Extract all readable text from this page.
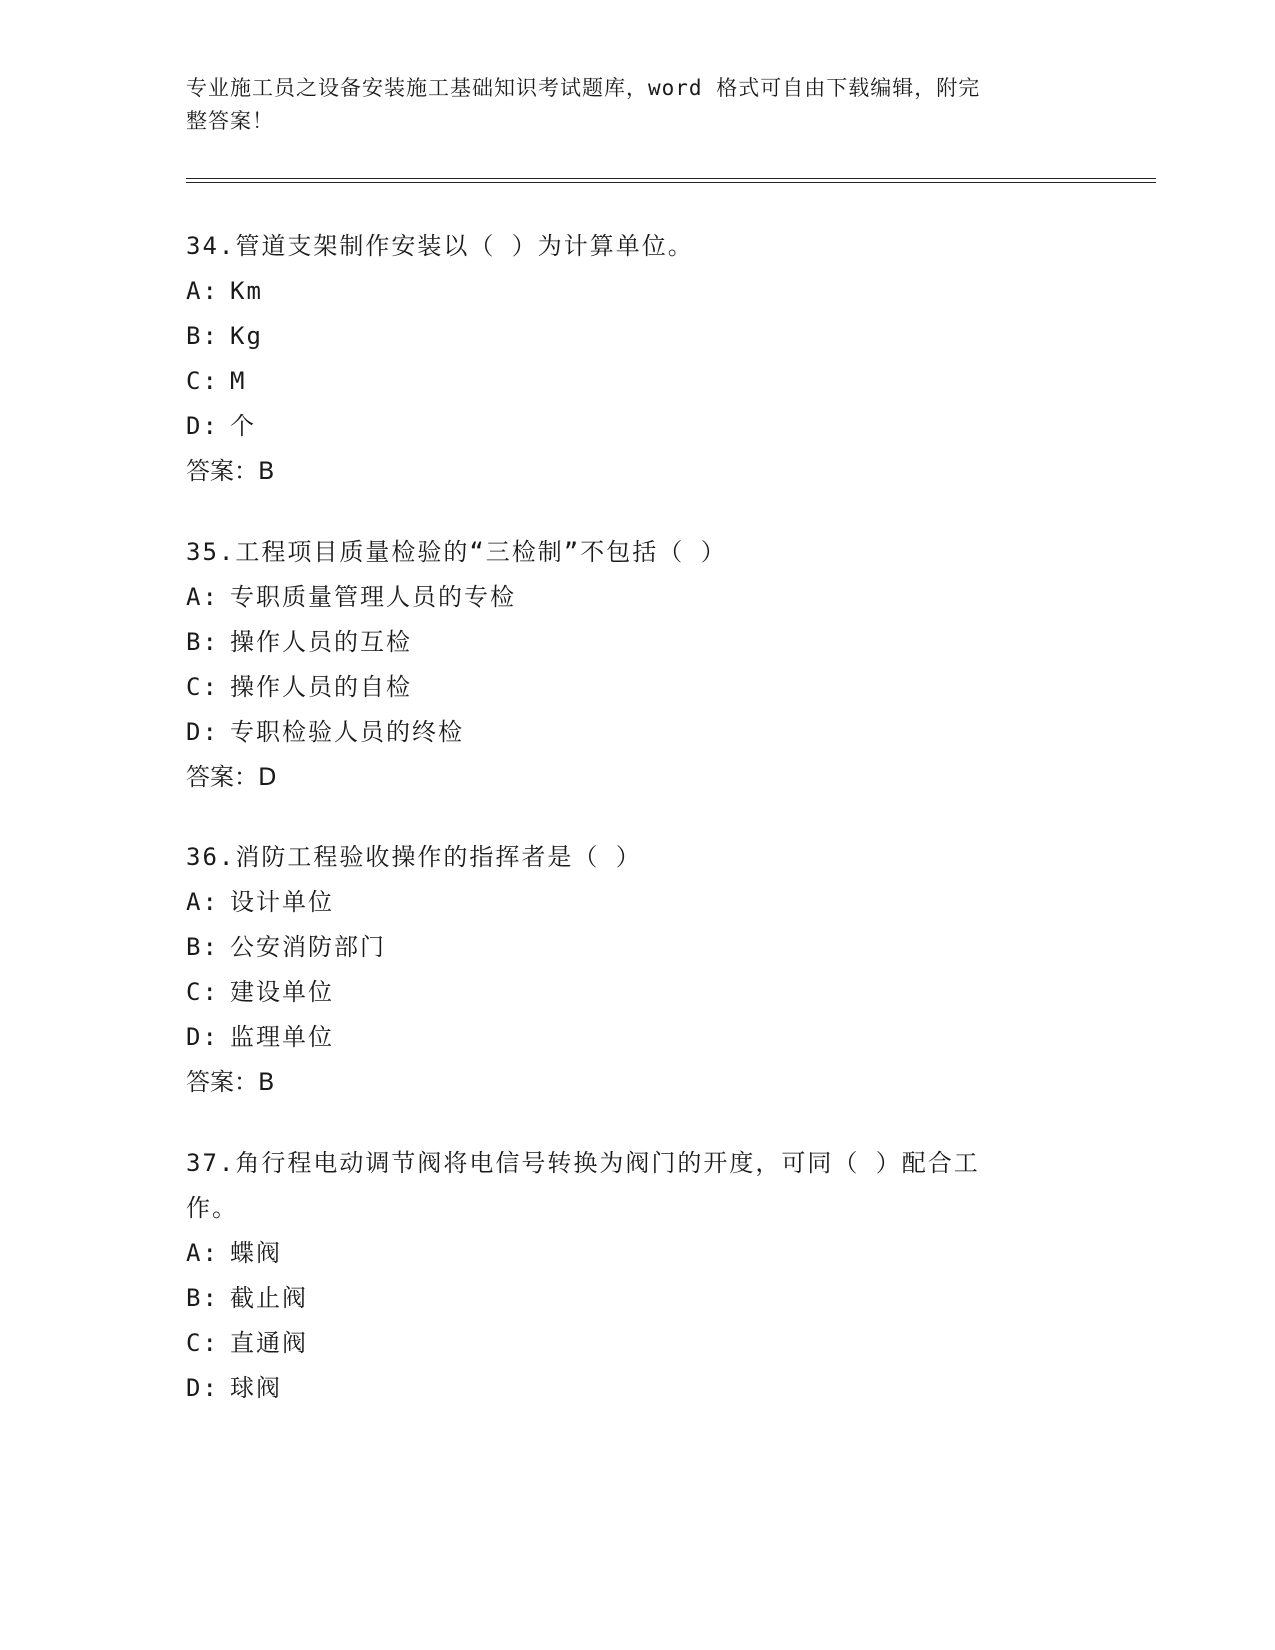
专业施工员之设备安装施工基础知识考试题库，word 格式可自由下载编辑，附完
整答案！

34.管道支架制作安装以（ ）为计算单位。

A: Km

B: Kg

C: M

D: 个

答案：B

35.工程项目质量检验的“三检制”不包括（ ）

A: 专职质量管理人员的专检

B: 操作人员的互检

C: 操作人员的自检

D: 专职检验人员的终检

答案：D

36.消防工程验收操作的指挥者是（ ）

A: 设计单位

B: 公安消防部门

C: 建设单位

D: 监理单位

答案：B

37.角行程电动调节阀将电信号转换为阀门的开度，可同（ ）配合工

作。

A: 蝶阀

B: 截止阀

C: 直通阀

D: 球阀
